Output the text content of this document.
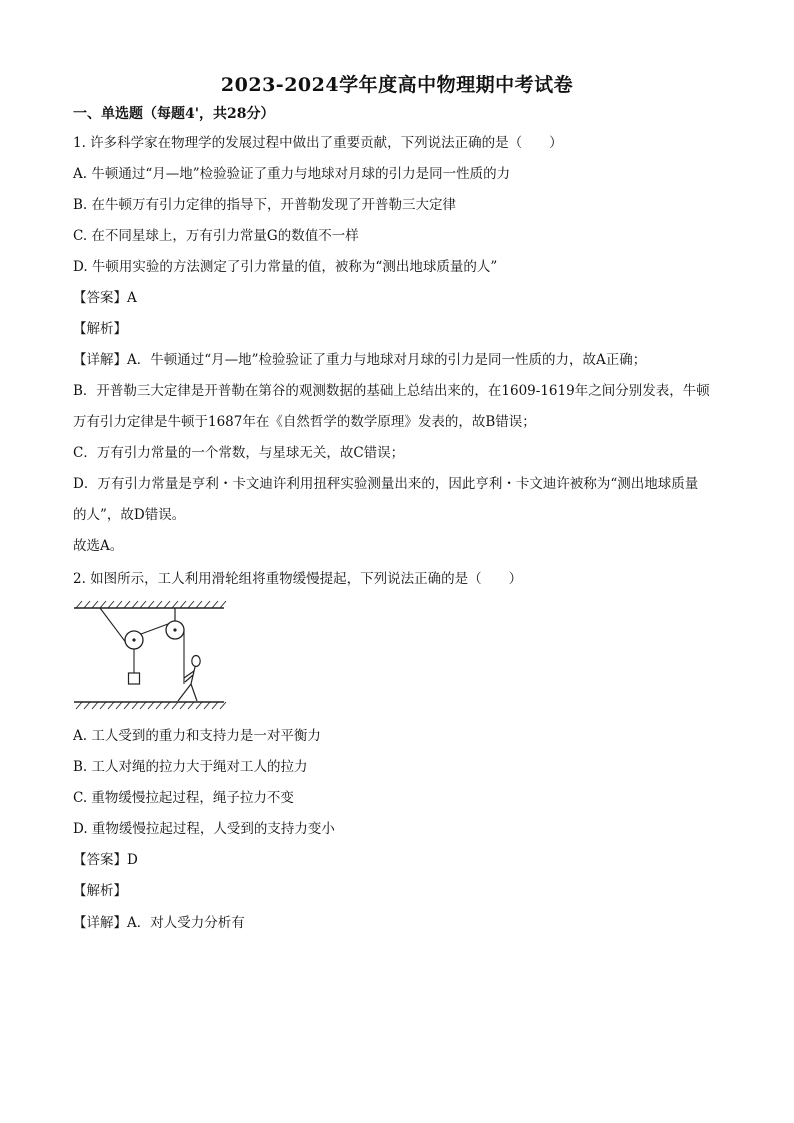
2023-2024学年度高中物理期中考试卷
一、单选题（每题4'，共28分）
1. 许多科学家在物理学的发展过程中做出了重要贡献，下列说法正确的是（　　）
A. 牛顿通过“月—地”检验验证了重力与地球对月球的引力是同一性质的力
B. 在牛顿万有引力定律的指导下，开普勒发现了开普勒三大定律
C. 在不同星球上，万有引力常量G的数值不一样
D. 牛顿用实验的方法测定了引力常量的值，被称为“测出地球质量的人”
【答案】A
【解析】
【详解】A．牛顿通过“月—地”检验验证了重力与地球对月球的引力是同一性质的力，故A正确；
B．开普勒三大定律是开普勒在第谷的观测数据的基础上总结出来的，在1609-1619年之间分别发表，牛顿
万有引力定律是牛顿于1687年在《自然哲学的数学原理》发表的，故B错误；
C．万有引力常量的一个常数，与星球无关，故C错误；
D．万有引力常量是亨利・卡文迪许利用扭秤实验测量出来的，因此亨利・卡文迪许被称为“测出地球质量
的人”，故D错误。
故选A。
2. 如图所示，工人利用滑轮组将重物缓慢提起，下列说法正确的是（　　）
A. 工人受到的重力和支持力是一对平衡力
B. 工人对绳的拉力大于绳对工人的拉力
C. 重物缓慢拉起过程，绳子拉力不变
D. 重物缓慢拉起过程，人受到的支持力变小
【答案】D
【解析】
【详解】A．对人受力分析有
